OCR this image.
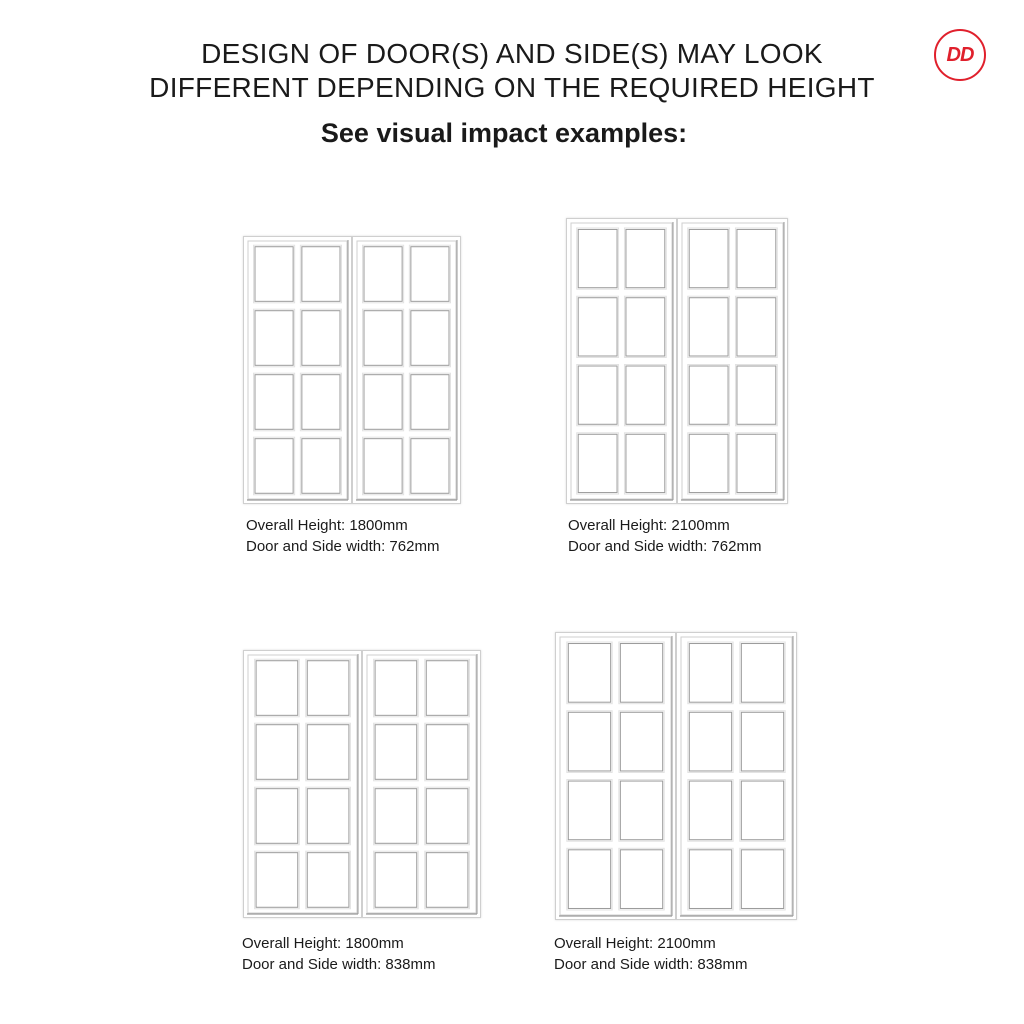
DESIGN OF DOOR(S) AND SIDE(S) MAY LOOK
DIFFERENT DEPENDING ON THE REQUIRED HEIGHT
See visual impact examples:
DD
Overall Height: 1800mm
Door and Side width: 762mm
Overall Height: 2100mm
Door and Side width: 762mm
Overall Height: 1800mm
Door and Side width: 838mm
Overall Height: 2100mm
Door and Side width: 838mm
